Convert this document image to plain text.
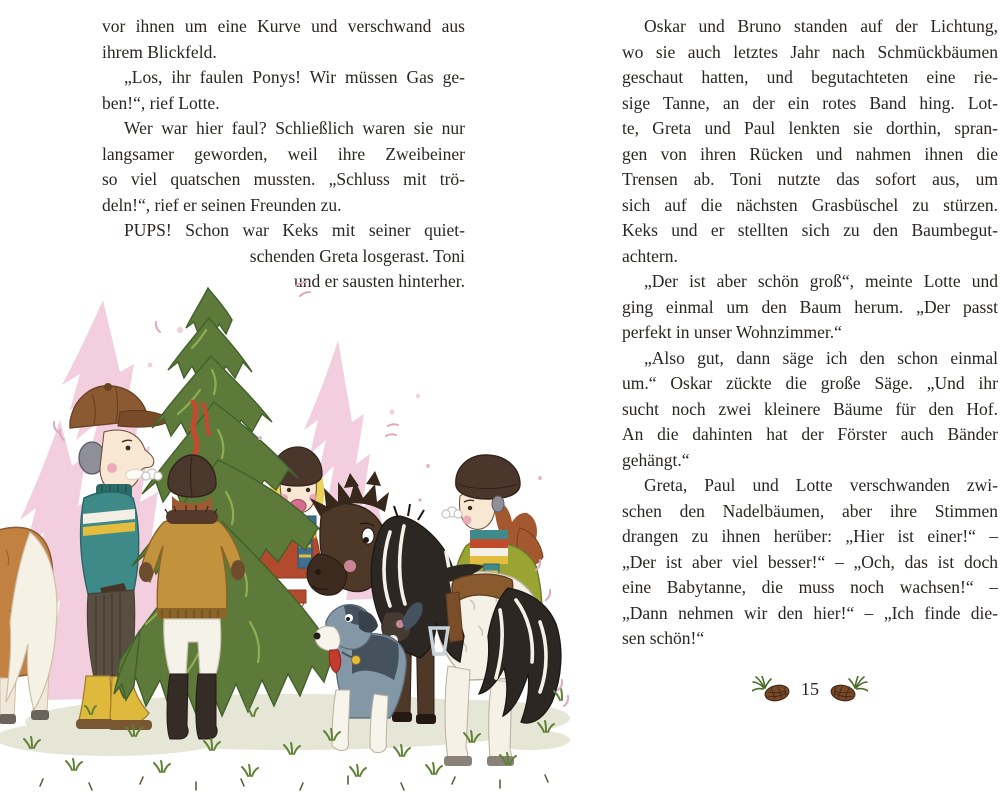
vor ihnen um eine Kurve und verschwand aus
ihrem Blickfeld.
„Los, ihr faulen Ponys! Wir müssen Gas ge-
ben!“, rief Lotte.
Wer war hier faul? Schließlich waren sie nur
langsamer geworden, weil ihre Zweibeiner
so viel quatschen mussten. „Schluss mit trö-
deln!“, rief er seinen Freunden zu.
PUPS! Schon war Keks mit seiner quiet-
schenden Greta losgerast. Toni
und er sausten hinterher.
Oskar und Bruno standen auf der Lichtung,
wo sie auch letztes Jahr nach Schmückbäumen
geschaut hatten, und begutachteten eine rie-
sige Tanne, an der ein rotes Band hing. Lot-
te, Greta und Paul lenkten sie dorthin, spran-
gen von ihren Rücken und nahmen ihnen die
Trensen ab. Toni nutzte das sofort aus, um
sich auf die nächsten Grasbüschel zu stürzen.
Keks und er stellten sich zu den Baumbegut-
achtern.
„Der ist aber schön groß“, meinte Lotte und
ging einmal um den Baum herum. „Der passt
perfekt in unser Wohnzimmer.“
„Also gut, dann säge ich den schon einmal
um.“ Oskar zückte die große Säge. „Und ihr
sucht noch zwei kleinere Bäume für den Hof.
An die dahinten hat der Förster auch Bänder
gehängt.“
Greta, Paul und Lotte verschwanden zwi-
schen den Nadelbäumen, aber ihre Stimmen
drangen zu ihnen herüber: „Hier ist einer!“ –
„Der ist aber viel besser!“ – „Och, das ist doch
eine Babytanne, die muss noch wachsen!“ –
„Dann nehmen wir den hier!“ – „Ich finde die-
sen schön!“
15
